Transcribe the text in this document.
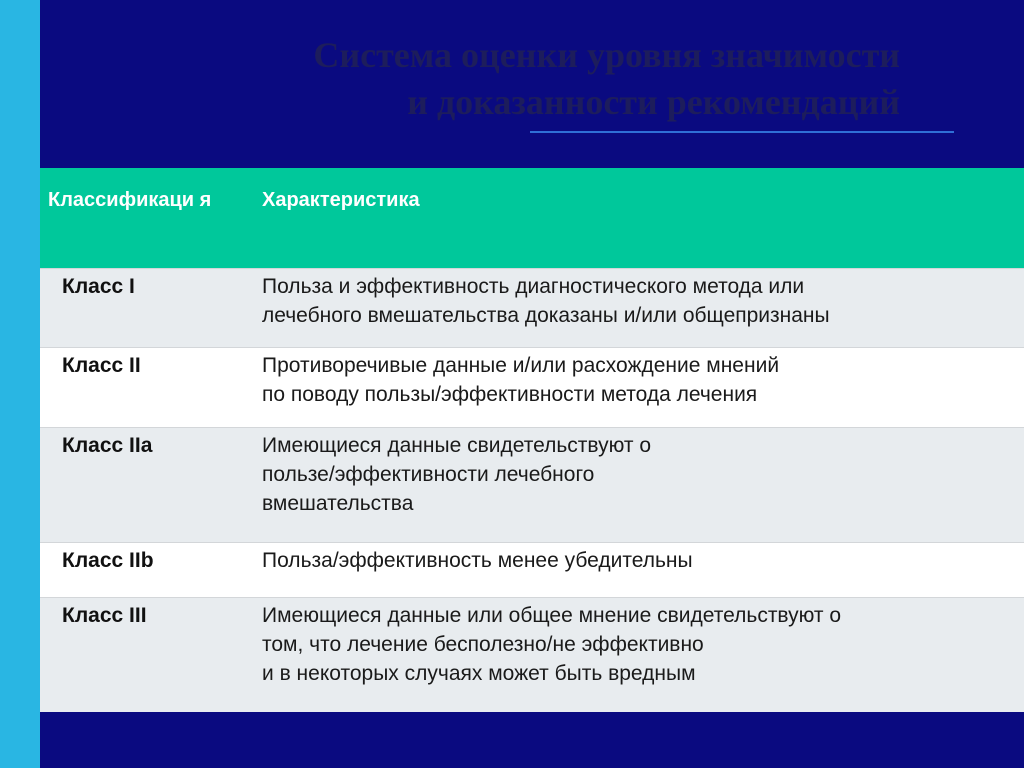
Система оценки уровня значимости
и доказанности рекомендаций
Классификаци я	Характеристика
Класс I	Польза и эффективность диагностического метода или
лечебного вмешательства доказаны и/или общепризнаны

Класс II	Противоречивые данные и/или расхождение мнений
по поводу пользы/эффективности метода лечения

Класс IIa	Имеющиеся данные свидетельствуют о
пользе/эффективности лечебного
вмешательства

Класс IIb	Польза/эффективность менее убедительны

Класс III	Имеющиеся данные или общее мнение свидетельствуют о
том, что лечение бесполезно/не эффективно
и в некоторых случаях может быть вредным
